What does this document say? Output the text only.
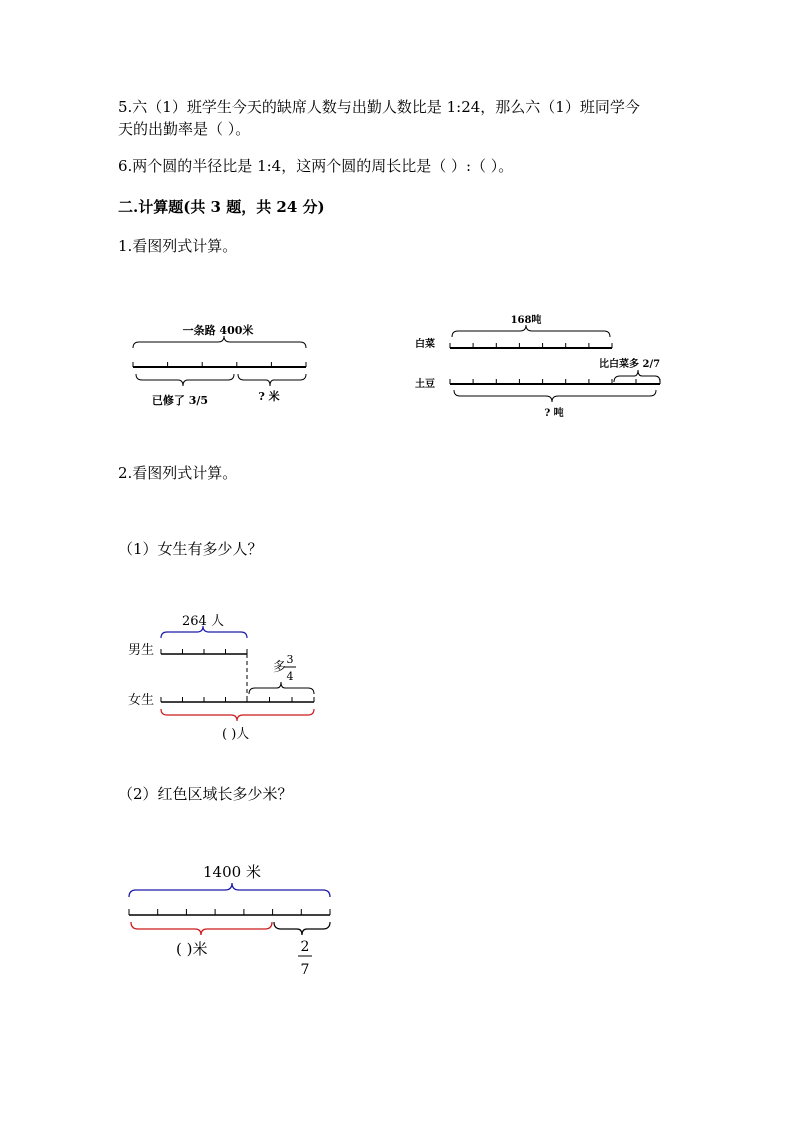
5.六（1）班学生今天的缺席人数与出勤人数比是 1:24，那么六（1）班同学今
天的出勤率是（ ）。
6.两个圆的半径比是 1:4，这两个圆的周长比是（ ）:（ ）。
二.计算题(共 3 题，共 24 分)
1.看图列式计算。
2.看图列式计算。
（1）女生有多少人？
（2）红色区域长多少米？
一条路 400米
已修了 3/5	? 米
168吨
白菜
比白菜多 2/7
土豆
? 吨
264 人
男生
多
3
4
女生
( )人
1400 米
( )米	2
7
